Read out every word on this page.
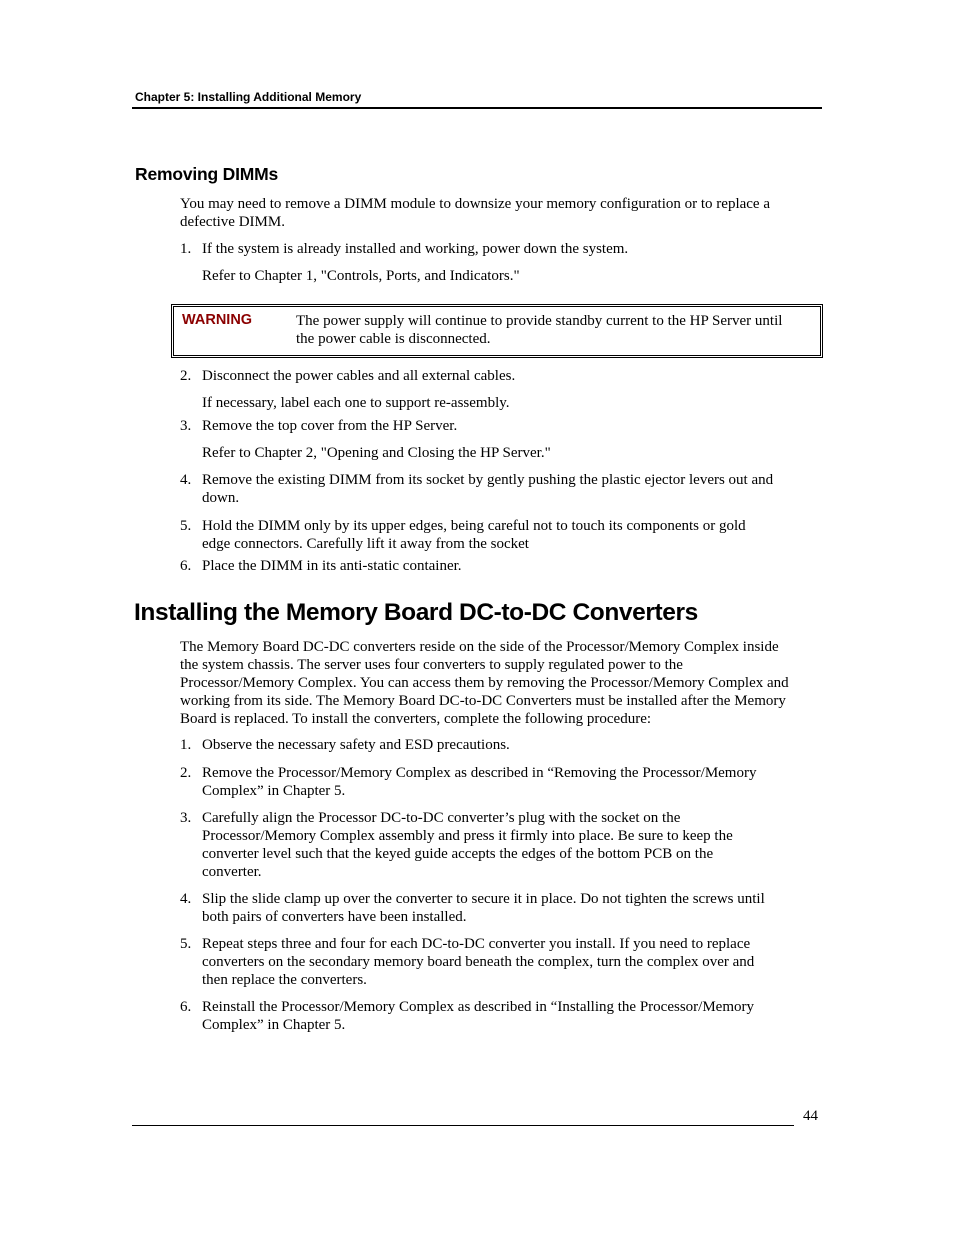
Chapter 5: Installing Additional Memory
Removing DIMMs
You may need to remove a DIMM module to downsize your memory configuration or to replace a
defective DIMM.
1. If the system is already installed and working, power down the system.
Refer to Chapter 1, "Controls, Ports, and Indicators."
WARNING	The power supply will continue to provide standby current to the HP Server until
the power cable is disconnected.
2. Disconnect the power cables and all external cables.
If necessary, label each one to support re-assembly.
3. Remove the top cover from the HP Server.
Refer to Chapter 2, "Opening and Closing the HP Server."
4. Remove the existing DIMM from its socket by gently pushing the plastic ejector levers out and
down.
5. Hold the DIMM only by its upper edges, being careful not to touch its components or gold
edge connectors. Carefully lift it away from the socket
6. Place the DIMM in its anti-static container.
Installing the Memory Board DC-to-DC Converters
The Memory Board DC-DC converters reside on the side of the Processor/Memory Complex inside
the system chassis. The server uses four converters to supply regulated power to the
Processor/Memory Complex. You can access them by removing the Processor/Memory Complex and
working from its side. The Memory Board DC-to-DC Converters must be installed after the Memory
Board is replaced. To install the converters, complete the following procedure:
1. Observe the necessary safety and ESD precautions.
2. Remove the Processor/Memory Complex as described in “Removing the Processor/Memory
Complex” in Chapter 5.
3. Carefully align the Processor DC-to-DC converter’s plug with the socket on the
Processor/Memory Complex assembly and press it firmly into place. Be sure to keep the
converter level such that the keyed guide accepts the edges of the bottom PCB on the
converter.
4. Slip the slide clamp up over the converter to secure it in place. Do not tighten the screws until
both pairs of converters have been installed.
5. Repeat steps three and four for each DC-to-DC converter you install. If you need to replace
converters on the secondary memory board beneath the complex, turn the complex over and
then replace the converters.
6. Reinstall the Processor/Memory Complex as described in “Installing the Processor/Memory
Complex” in Chapter 5.
44
